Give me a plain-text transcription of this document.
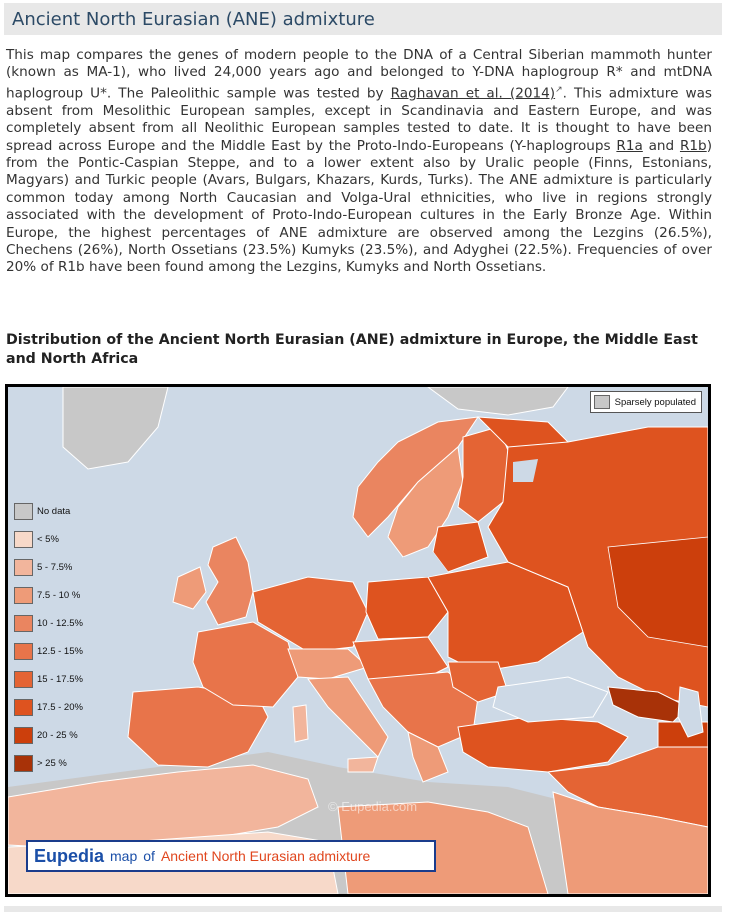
Ancient North Eurasian (ANE) admixture

This map compares the genes of modern people to the DNA of a Central Siberian mammoth hunter (known as MA-1), who lived 24,000 years ago and belonged to Y-DNA haplogroup R* and mtDNA haplogroup U*. The Paleolithic sample was tested by Raghavan et al. (2014)↗. This admixture was absent from Mesolithic European samples, except in Scandinavia and Eastern Europe, and was completely absent from all Neolithic European samples tested to date. It is thought to have been spread across Europe and the Middle East by the Proto-Indo-Europeans (Y-haplogroups R1a and R1b) from the Pontic-Caspian Steppe, and to a lower extent also by Uralic people (Finns, Estonians, Magyars) and Turkic people (Avars, Bulgars, Khazars, Kurds, Turks). The ANE admixture is particularly common today among North Caucasian and Volga-Ural ethnicities, who live in regions strongly associated with the development of Proto-Indo-European cultures in the Early Bronze Age. Within Europe, the highest percentages of ANE admixture are observed among the Lezgins (26.5%), Chechens (26%), North Ossetians (23.5%) Kumyks (23.5%), and Adyghei (22.5%). Frequencies of over 20% of R1b have been found among the Lezgins, Kumyks and North Ossetians.

Distribution of the Ancient North Eurasian (ANE) admixture in Europe, the Middle East and North Africa
Sparsely populated
No data
< 5%
5 - 7.5%
7.5 - 10 %
10 - 12.5%
12.5 - 15%
15 - 17.5%
17.5 - 20%
20 - 25 %
> 25 %
© Eupedia.com
Eupedia map of Ancient North Eurasian admixture
